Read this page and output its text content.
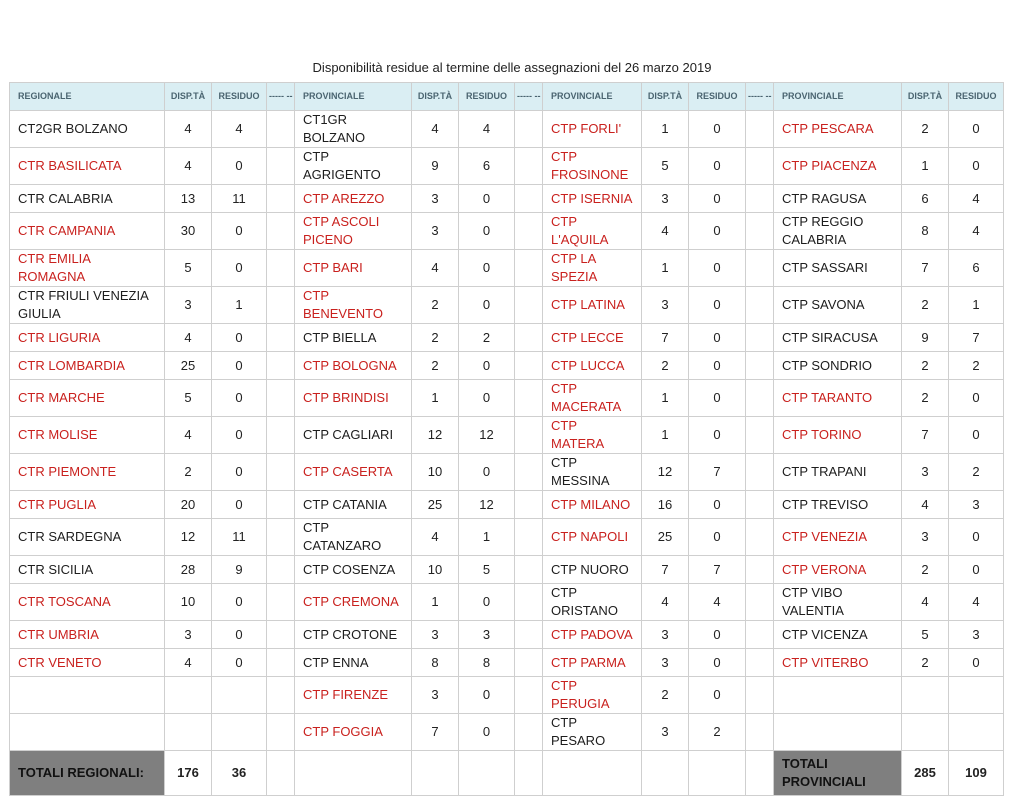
Disponibilità residue al termine delle assegnazioni del 26 marzo 2019
REGIONALE	DISP.TÀ	RESIDUO	----- --	PROVINCIALE	DISP.TÀ	RESIDUO	----- --	PROVINCIALE	DISP.TÀ	RESIDUO	----- --	PROVINCIALE	DISP.TÀ	RESIDUO
CT2GR BOLZANO	4	4		CT1GR BOLZANO	4	4		CTP FORLI'	1	0		CTP PESCARA	2	0
CTR BASILICATA	4	0		CTP AGRIGENTO	9	6		CTP FROSINONE	5	0		CTP PIACENZA	1	0
CTR CALABRIA	13	11		CTP AREZZO	3	0		CTP ISERNIA	3	0		CTP RAGUSA	6	4
CTR CAMPANIA	30	0		CTP ASCOLI PICENO	3	0		CTP L'AQUILA	4	0		CTP REGGIO CALABRIA	8	4
CTR EMILIA ROMAGNA	5	0		CTP BARI	4	0		CTP LA SPEZIA	1	0		CTP SASSARI	7	6
CTR FRIULI VENEZIA GIULIA	3	1		CTP BENEVENTO	2	0		CTP LATINA	3	0		CTP SAVONA	2	1
CTR LIGURIA	4	0		CTP BIELLA	2	2		CTP LECCE	7	0		CTP SIRACUSA	9	7
CTR LOMBARDIA	25	0		CTP BOLOGNA	2	0		CTP LUCCA	2	0		CTP SONDRIO	2	2
CTR MARCHE	5	0		CTP BRINDISI	1	0		CTP MACERATA	1	0		CTP TARANTO	2	0
CTR MOLISE	4	0		CTP CAGLIARI	12	12		CTP MATERA	1	0		CTP TORINO	7	0
CTR PIEMONTE	2	0		CTP CASERTA	10	0		CTP MESSINA	12	7		CTP TRAPANI	3	2
CTR PUGLIA	20	0		CTP CATANIA	25	12		CTP MILANO	16	0		CTP TREVISO	4	3
CTR SARDEGNA	12	11		CTP CATANZARO	4	1		CTP NAPOLI	25	0		CTP VENEZIA	3	0
CTR SICILIA	28	9		CTP COSENZA	10	5		CTP NUORO	7	7		CTP VERONA	2	0
CTR TOSCANA	10	0		CTP CREMONA	1	0		CTP ORISTANO	4	4		CTP VIBO VALENTIA	4	4
CTR UMBRIA	3	0		CTP CROTONE	3	3		CTP PADOVA	3	0		CTP VICENZA	5	3
CTR VENETO	4	0		CTP ENNA	8	8		CTP PARMA	3	0		CTP VITERBO	2	0
				CTP FIRENZE	3	0		CTP PERUGIA	2	0				
				CTP FOGGIA	7	0		CTP PESARO	3	2				
TOTALI REGIONALI:	176	36										TOTALI PROVINCIALI	285	109
